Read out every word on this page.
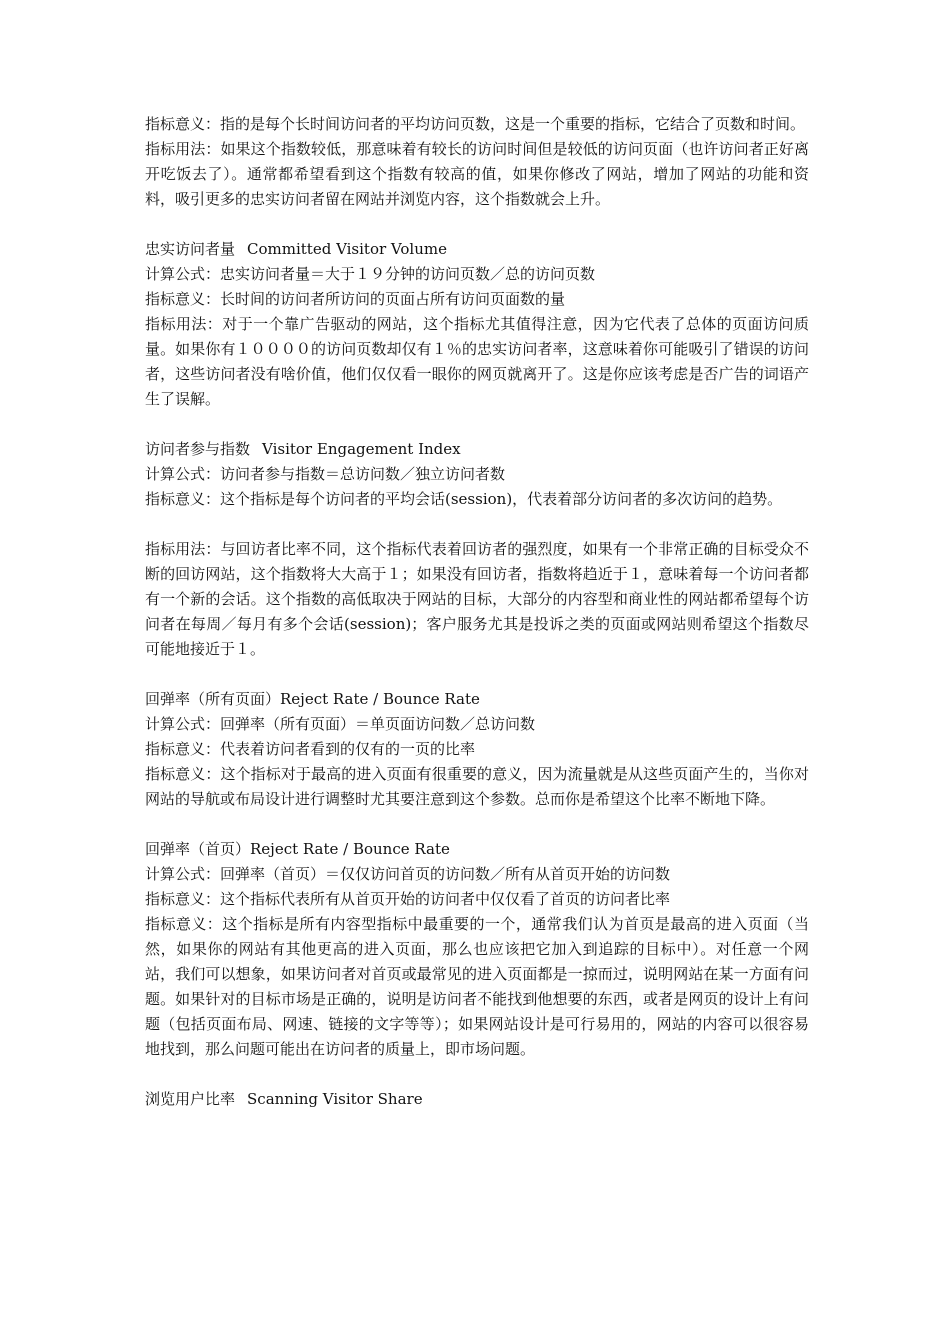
指标意义：指的是每个长时间访问者的平均访问页数，这是一个重要的指标，它结合了页数和时间。

指标用法：如果这个指数较低，那意味着有较长的访问时间但是较低的访问页面（也许访问者正好离开吃饭去了）。通常都希望看到这个指数有较高的值，如果你修改了网站，增加了网站的功能和资料，吸引更多的忠实访问者留在网站并浏览内容，这个指数就会上升。

忠实访问者量 Committed Visitor Volume

计算公式：忠实访问者量＝大于１９分钟的访问页数／总的访问页数

指标意义：长时间的访问者所访问的页面占所有访问页面数的量

指标用法：对于一个靠广告驱动的网站，这个指标尤其值得注意，因为它代表了总体的页面访问质量。如果你有１００００的访问页数却仅有１％的忠实访问者率，这意味着你可能吸引了错误的访问者，这些访问者没有啥价值，他们仅仅看一眼你的网页就离开了。这是你应该考虑是否广告的词语产生了误解。

访问者参与指数 Visitor Engagement Index

计算公式：访问者参与指数＝总访问数／独立访问者数

指标意义：这个指标是每个访问者的平均会话(session)，代表着部分访问者的多次访问的趋势。

指标用法：与回访者比率不同，这个指标代表着回访者的强烈度，如果有一个非常正确的目标受众不断的回访网站，这个指数将大大高于１；如果没有回访者，指数将趋近于１，意味着每一个访问者都有一个新的会话。这个指数的高低取决于网站的目标，大部分的内容型和商业性的网站都希望每个访问者在每周／每月有多个会话(session)；客户服务尤其是投诉之类的页面或网站则希望这个指数尽可能地接近于１。

回弹率（所有页面）Reject Rate / Bounce Rate

计算公式：回弹率（所有页面）＝单页面访问数／总访问数

指标意义：代表着访问者看到的仅有的一页的比率

指标意义：这个指标对于最高的进入页面有很重要的意义，因为流量就是从这些页面产生的，当你对网站的导航或布局设计进行调整时尤其要注意到这个参数。总而你是希望这个比率不断地下降。

回弹率（首页）Reject Rate / Bounce Rate

计算公式：回弹率（首页）＝仅仅访问首页的访问数／所有从首页开始的访问数

指标意义：这个指标代表所有从首页开始的访问者中仅仅看了首页的访问者比率

指标意义：这个指标是所有内容型指标中最重要的一个，通常我们认为首页是最高的进入页面（当然，如果你的网站有其他更高的进入页面，那么也应该把它加入到追踪的目标中）。对任意一个网站，我们可以想象，如果访问者对首页或最常见的进入页面都是一掠而过，说明网站在某一方面有问题。如果针对的目标市场是正确的，说明是访问者不能找到他想要的东西，或者是网页的设计上有问题（包括页面布局、网速、链接的文字等等）；如果网站设计是可行易用的，网站的内容可以很容易地找到，那么问题可能出在访问者的质量上，即市场问题。

浏览用户比率 Scanning Visitor Share
